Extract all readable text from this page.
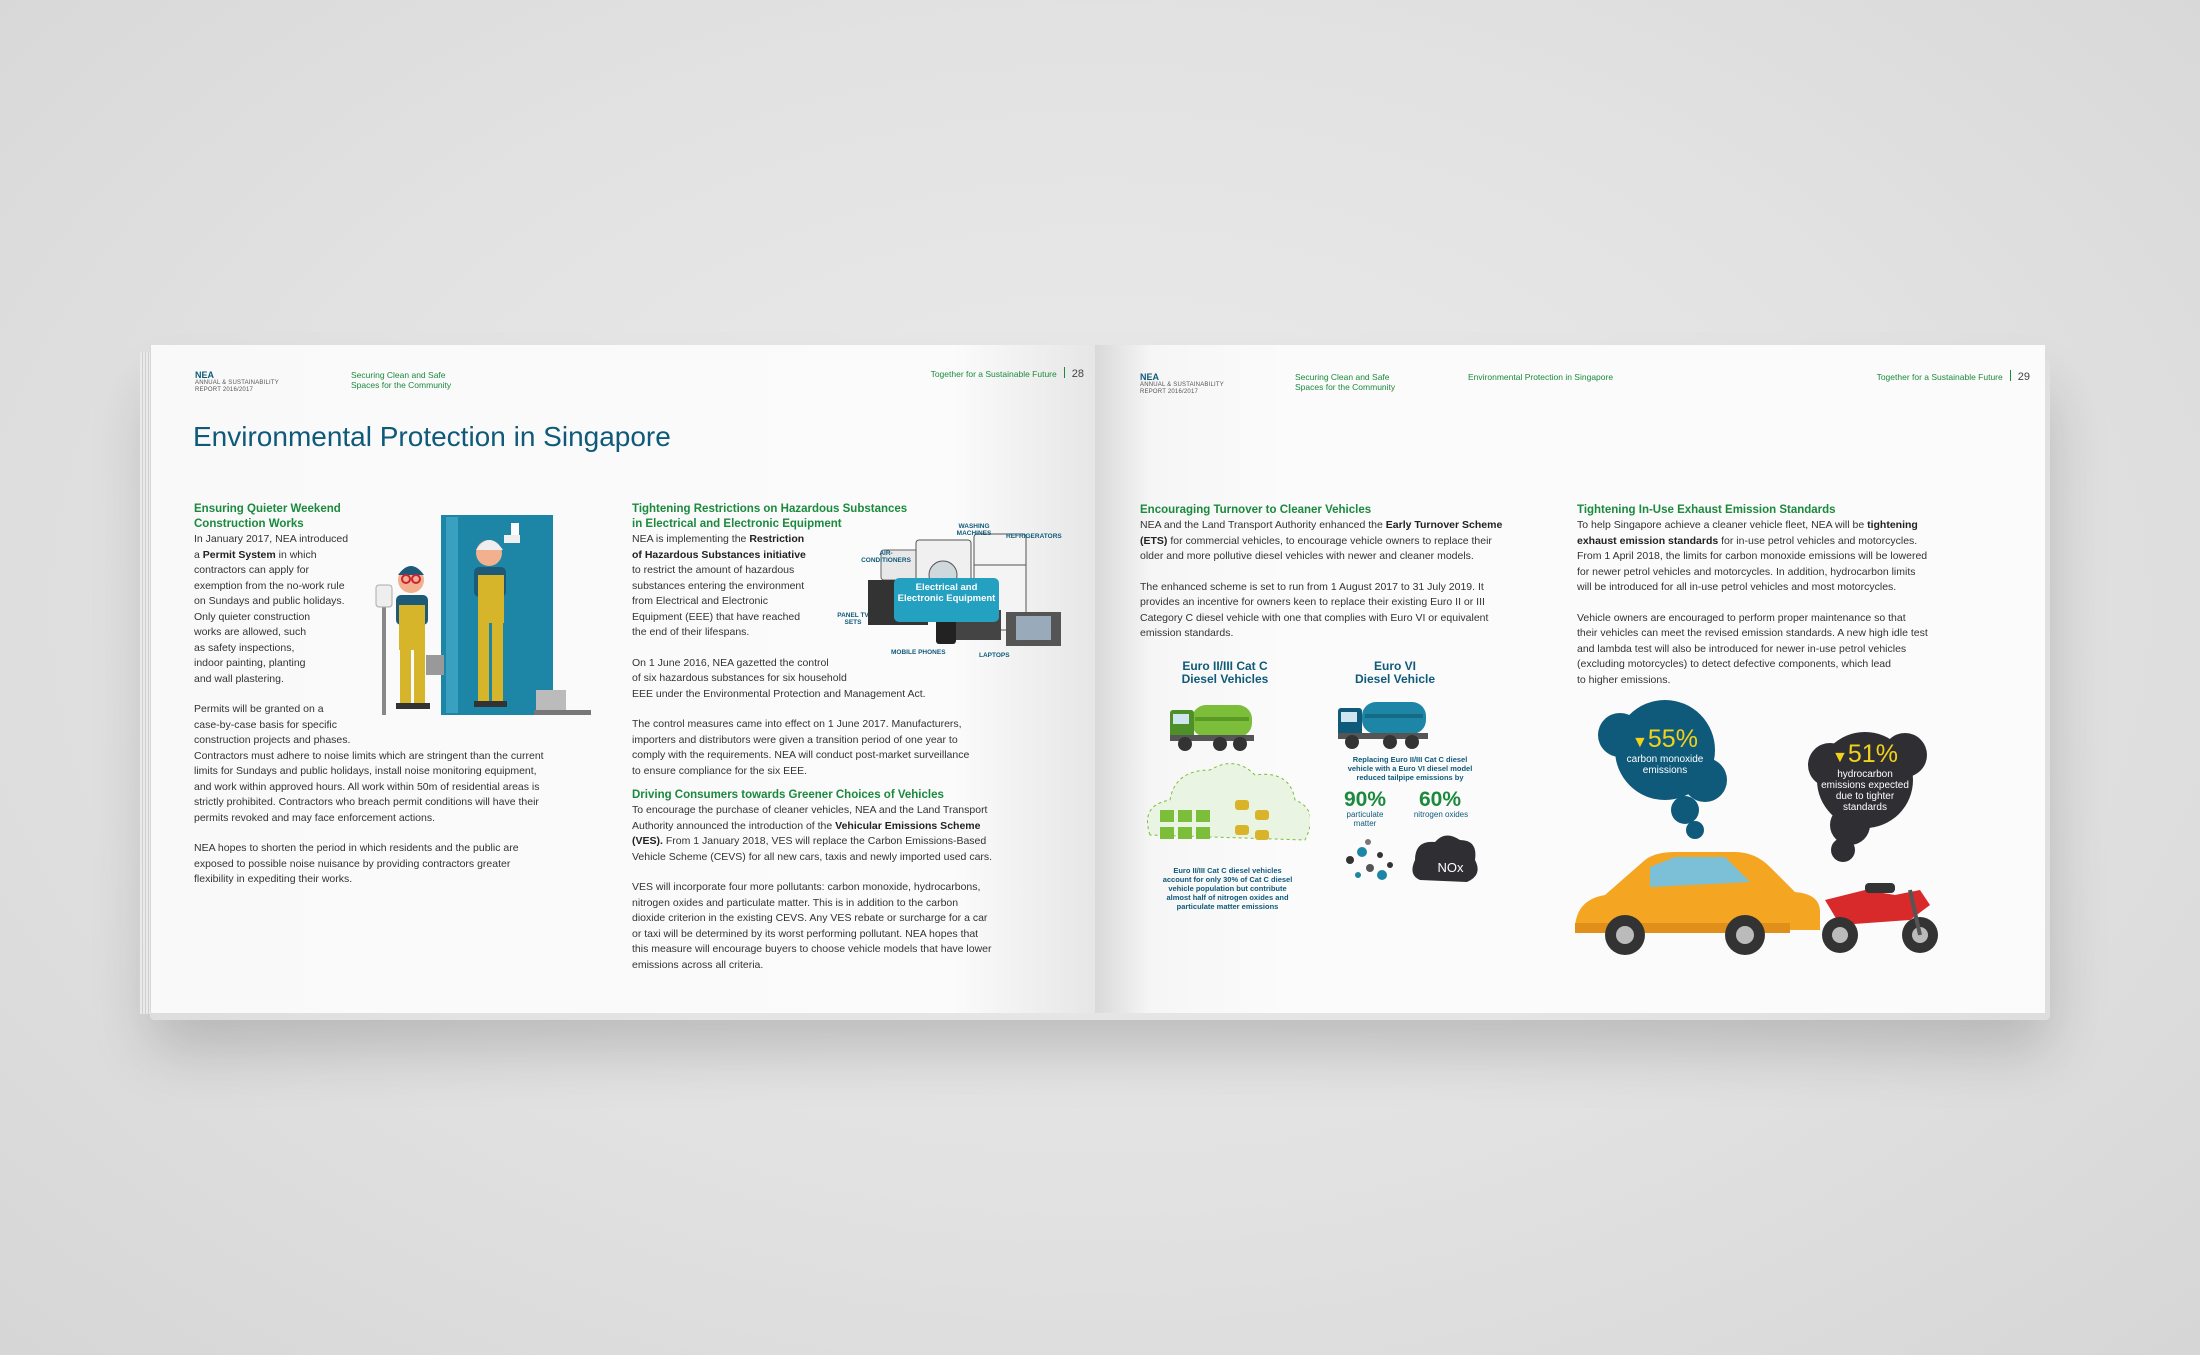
NEA
ANNUAL & SUSTAINABILITY
REPORT 2016/2017
Securing Clean and Safe
Spaces for the Community
Together for a Sustainable Future 28
Environmental Protection in Singapore
Ensuring Quieter Weekend
Construction Works
In January 2017, NEA introduced
a Permit System in which
contractors can apply for
exemption from the no-work rule
on Sundays and public holidays.
Only quieter construction
works are allowed, such
as safety inspections,
indoor painting, planting
and wall plastering.
Permits will be granted on a
case-by-case basis for specific
construction projects and phases.
Contractors must adhere to noise limits which are stringent than the current
limits for Sundays and public holidays, install noise monitoring equipment,
and work within approved hours. All work within 50m of residential areas is
strictly prohibited. Contractors who breach permit conditions will have their
permits revoked and may face enforcement actions.
NEA hopes to shorten the period in which residents and the public are
exposed to possible noise nuisance by providing contractors greater
flexibility in expediting their works.
Tightening Restrictions on Hazardous Substances
in Electrical and Electronic Equipment
NEA is implementing the Restriction
of Hazardous Substances initiative
to restrict the amount of hazardous
substances entering the environment
from Electrical and Electronic
Equipment (EEE) that have reached
the end of their lifespans.
On 1 June 2016, NEA gazetted the control
of six hazardous substances for six household
EEE under the Environmental Protection and Management Act.
The control measures came into effect on 1 June 2017. Manufacturers,
importers and distributors were given a transition period of one year to
comply with the requirements. NEA will conduct post-market surveillance
to ensure compliance for the six EEE.
Driving Consumers towards Greener Choices of Vehicles
To encourage the purchase of cleaner vehicles, NEA and the Land Transport
Authority announced the introduction of the Vehicular Emissions Scheme
(VES). From 1 January 2018, VES will replace the Carbon Emissions-Based
Vehicle Scheme (CEVS) for all new cars, taxis and newly imported used cars.
VES will incorporate four more pollutants: carbon monoxide, hydrocarbons,
nitrogen oxides and particulate matter. This is in addition to the carbon
dioxide criterion in the existing CEVS. Any VES rebate or surcharge for a car
or taxi will be determined by its worst performing pollutant. NEA hopes that
this measure will encourage buyers to choose vehicle models that have lower
emissions across all criteria.
Electrical and Electronic Equipment
WASHING MACHINES	REFRIGERATORS
AIR-CONDITIONERS
PANEL TV SETS
MOBILE PHONES	LAPTOPS
NEA
ANNUAL & SUSTAINABILITY
REPORT 2016/2017
Securing Clean and Safe
Spaces for the Community
Environmental Protection in Singapore	Together for a Sustainable Future 29
Encouraging Turnover to Cleaner Vehicles
NEA and the Land Transport Authority enhanced the Early Turnover Scheme
(ETS) for commercial vehicles, to encourage vehicle owners to replace their
older and more pollutive diesel vehicles with newer and cleaner models.
The enhanced scheme is set to run from 1 August 2017 to 31 July 2019. It
provides an incentive for owners keen to replace their existing Euro II or III
Category C diesel vehicle with one that complies with Euro VI or equivalent
emission standards.
Tightening In-Use Exhaust Emission Standards
To help Singapore achieve a cleaner vehicle fleet, NEA will be tightening
exhaust emission standards for in-use petrol vehicles and motorcycles.
From 1 April 2018, the limits for carbon monoxide emissions will be lowered
for newer petrol vehicles and motorcycles. In addition, hydrocarbon limits
will be introduced for all in-use petrol vehicles and most motorcycles.
Vehicle owners are encouraged to perform proper maintenance so that
their vehicles can meet the revised emission standards. A new high idle test
and lambda test will also be introduced for newer in-use petrol vehicles
(excluding motorcycles) to detect defective components, which lead
to higher emissions.
Euro II/III Cat C
Diesel Vehicles
Euro VI
Diesel Vehicle
Euro II/III Cat C diesel vehicles
account for only 30% of Cat C diesel
vehicle population but contribute
almost half of nitrogen oxides and
particulate matter emissions
Replacing Euro II/III Cat C diesel
vehicle with a Euro VI diesel model
reduced tailpipe emissions by
90%
particulate
matter
60%
nitrogen oxides
NOx
▼55%
carbon monoxide
emissions
▼51%
hydrocarbon
emissions expected
due to tighter
standards
